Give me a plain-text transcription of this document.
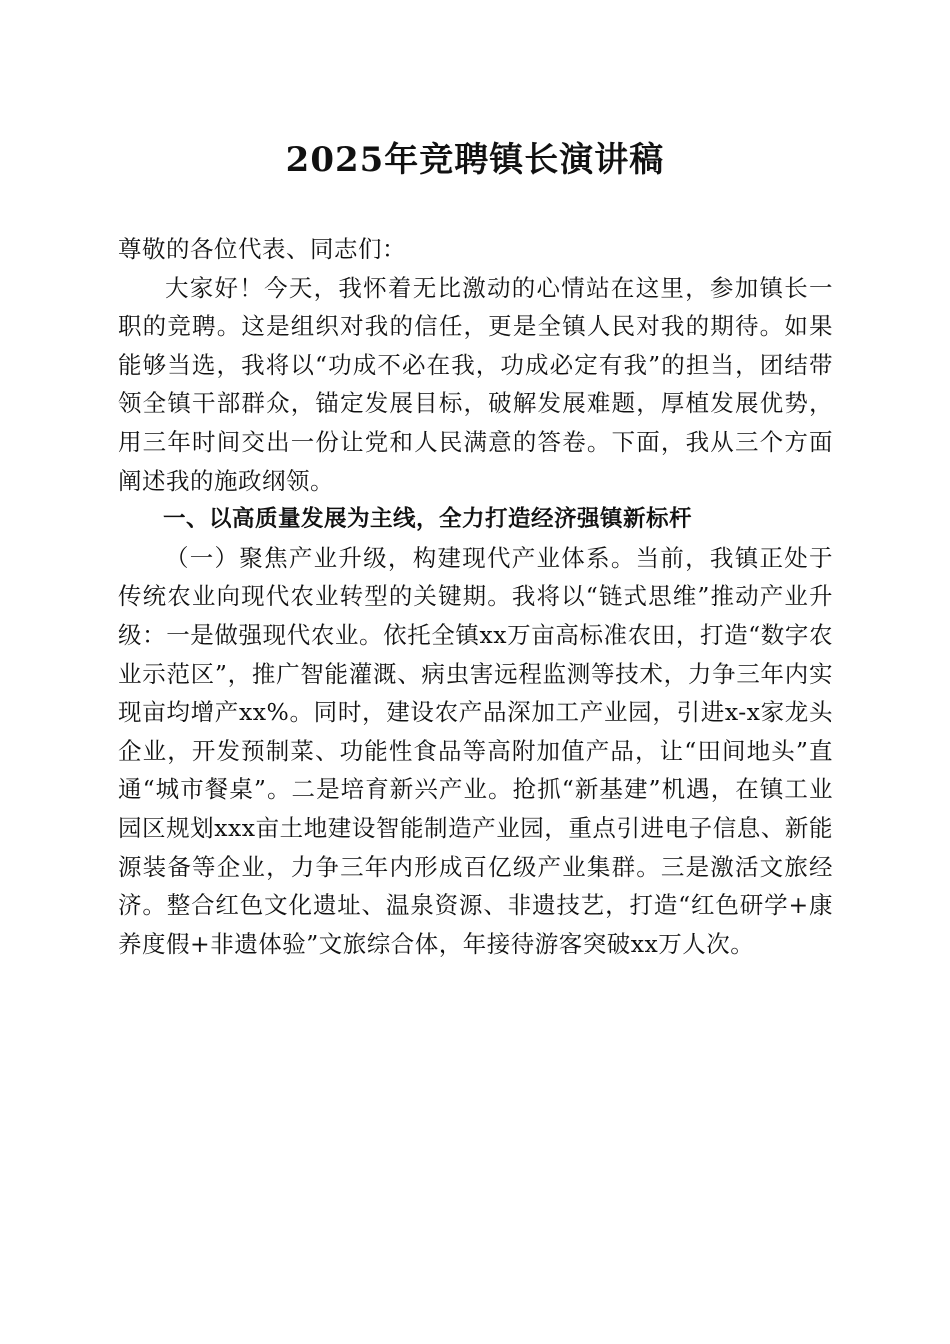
2025年竞聘镇长演讲稿

尊敬的各位代表、同志们：

大家好！今天，我怀着无比激动的心情站在这里，参加镇长一职的竞聘。这是组织对我的信任，更是全镇人民对我的期待。如果能够当选，我将以“功成不必在我，功成必定有我”的担当，团结带领全镇干部群众，锚定发展目标，破解发展难题，厚植发展优势，用三年时间交出一份让党和人民满意的答卷。下面，我从三个方面阐述我的施政纲领。

一、以高质量发展为主线，全力打造经济强镇新标杆

（一）聚焦产业升级，构建现代产业体系。当前，我镇正处于传统农业向现代农业转型的关键期。我将以“链式思维”推动产业升级：一是做强现代农业。依托全镇xx万亩高标准农田，打造“数字农业示范区”，推广智能灌溉、病虫害远程监测等技术，力争三年内实现亩均增产xx%。同时，建设农产品深加工产业园，引进x-x家龙头企业，开发预制菜、功能性食品等高附加值产品，让“田间地头”直通“城市餐桌”。二是培育新兴产业。抢抓“新基建”机遇，在镇工业园区规划xxx亩土地建设智能制造产业园，重点引进电子信息、新能源装备等企业，力争三年内形成百亿级产业集群。三是激活文旅经济。整合红色文化遗址、温泉资源、非遗技艺，打造“红色研学+康养度假+非遗体验”文旅综合体，年接待游客突破xx万人次。
